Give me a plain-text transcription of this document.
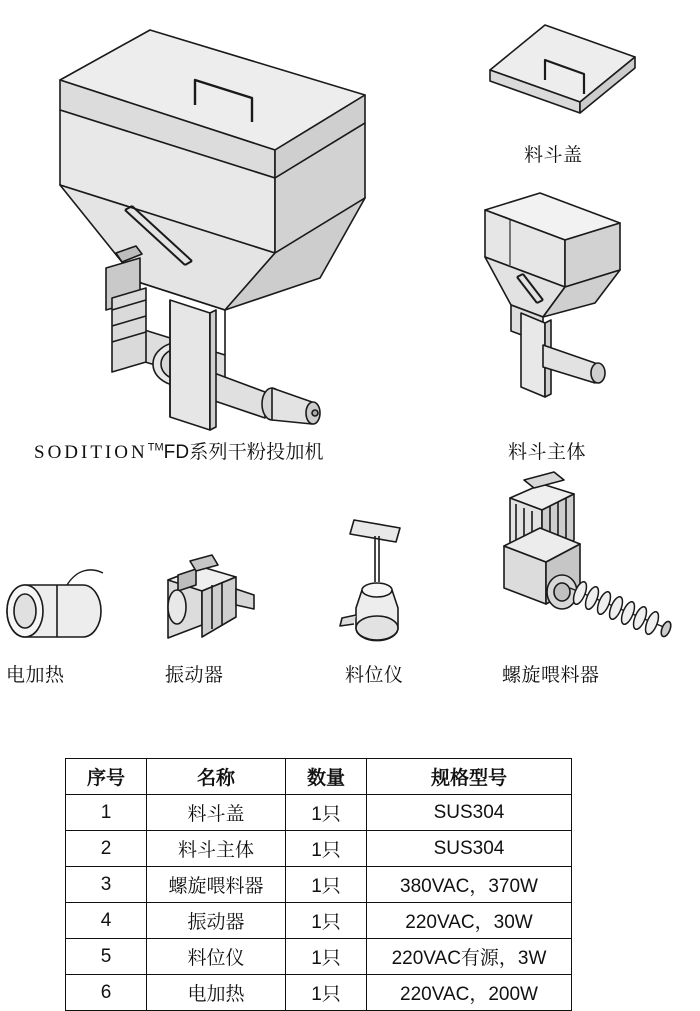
SODITION™FD系列干粉投加机
料斗盖
料斗主体
电加热	振动器	料位仪	螺旋喂料器
序号	名称	数量	规格型号
1	料斗盖	1只	SUS304
2	料斗主体	1只	SUS304
3	螺旋喂料器	1只	380VAC，370W
4	振动器	1只	220VAC，30W
5	料位仪	1只	220VAC有源，3W
6	电加热	1只	220VAC，200W
